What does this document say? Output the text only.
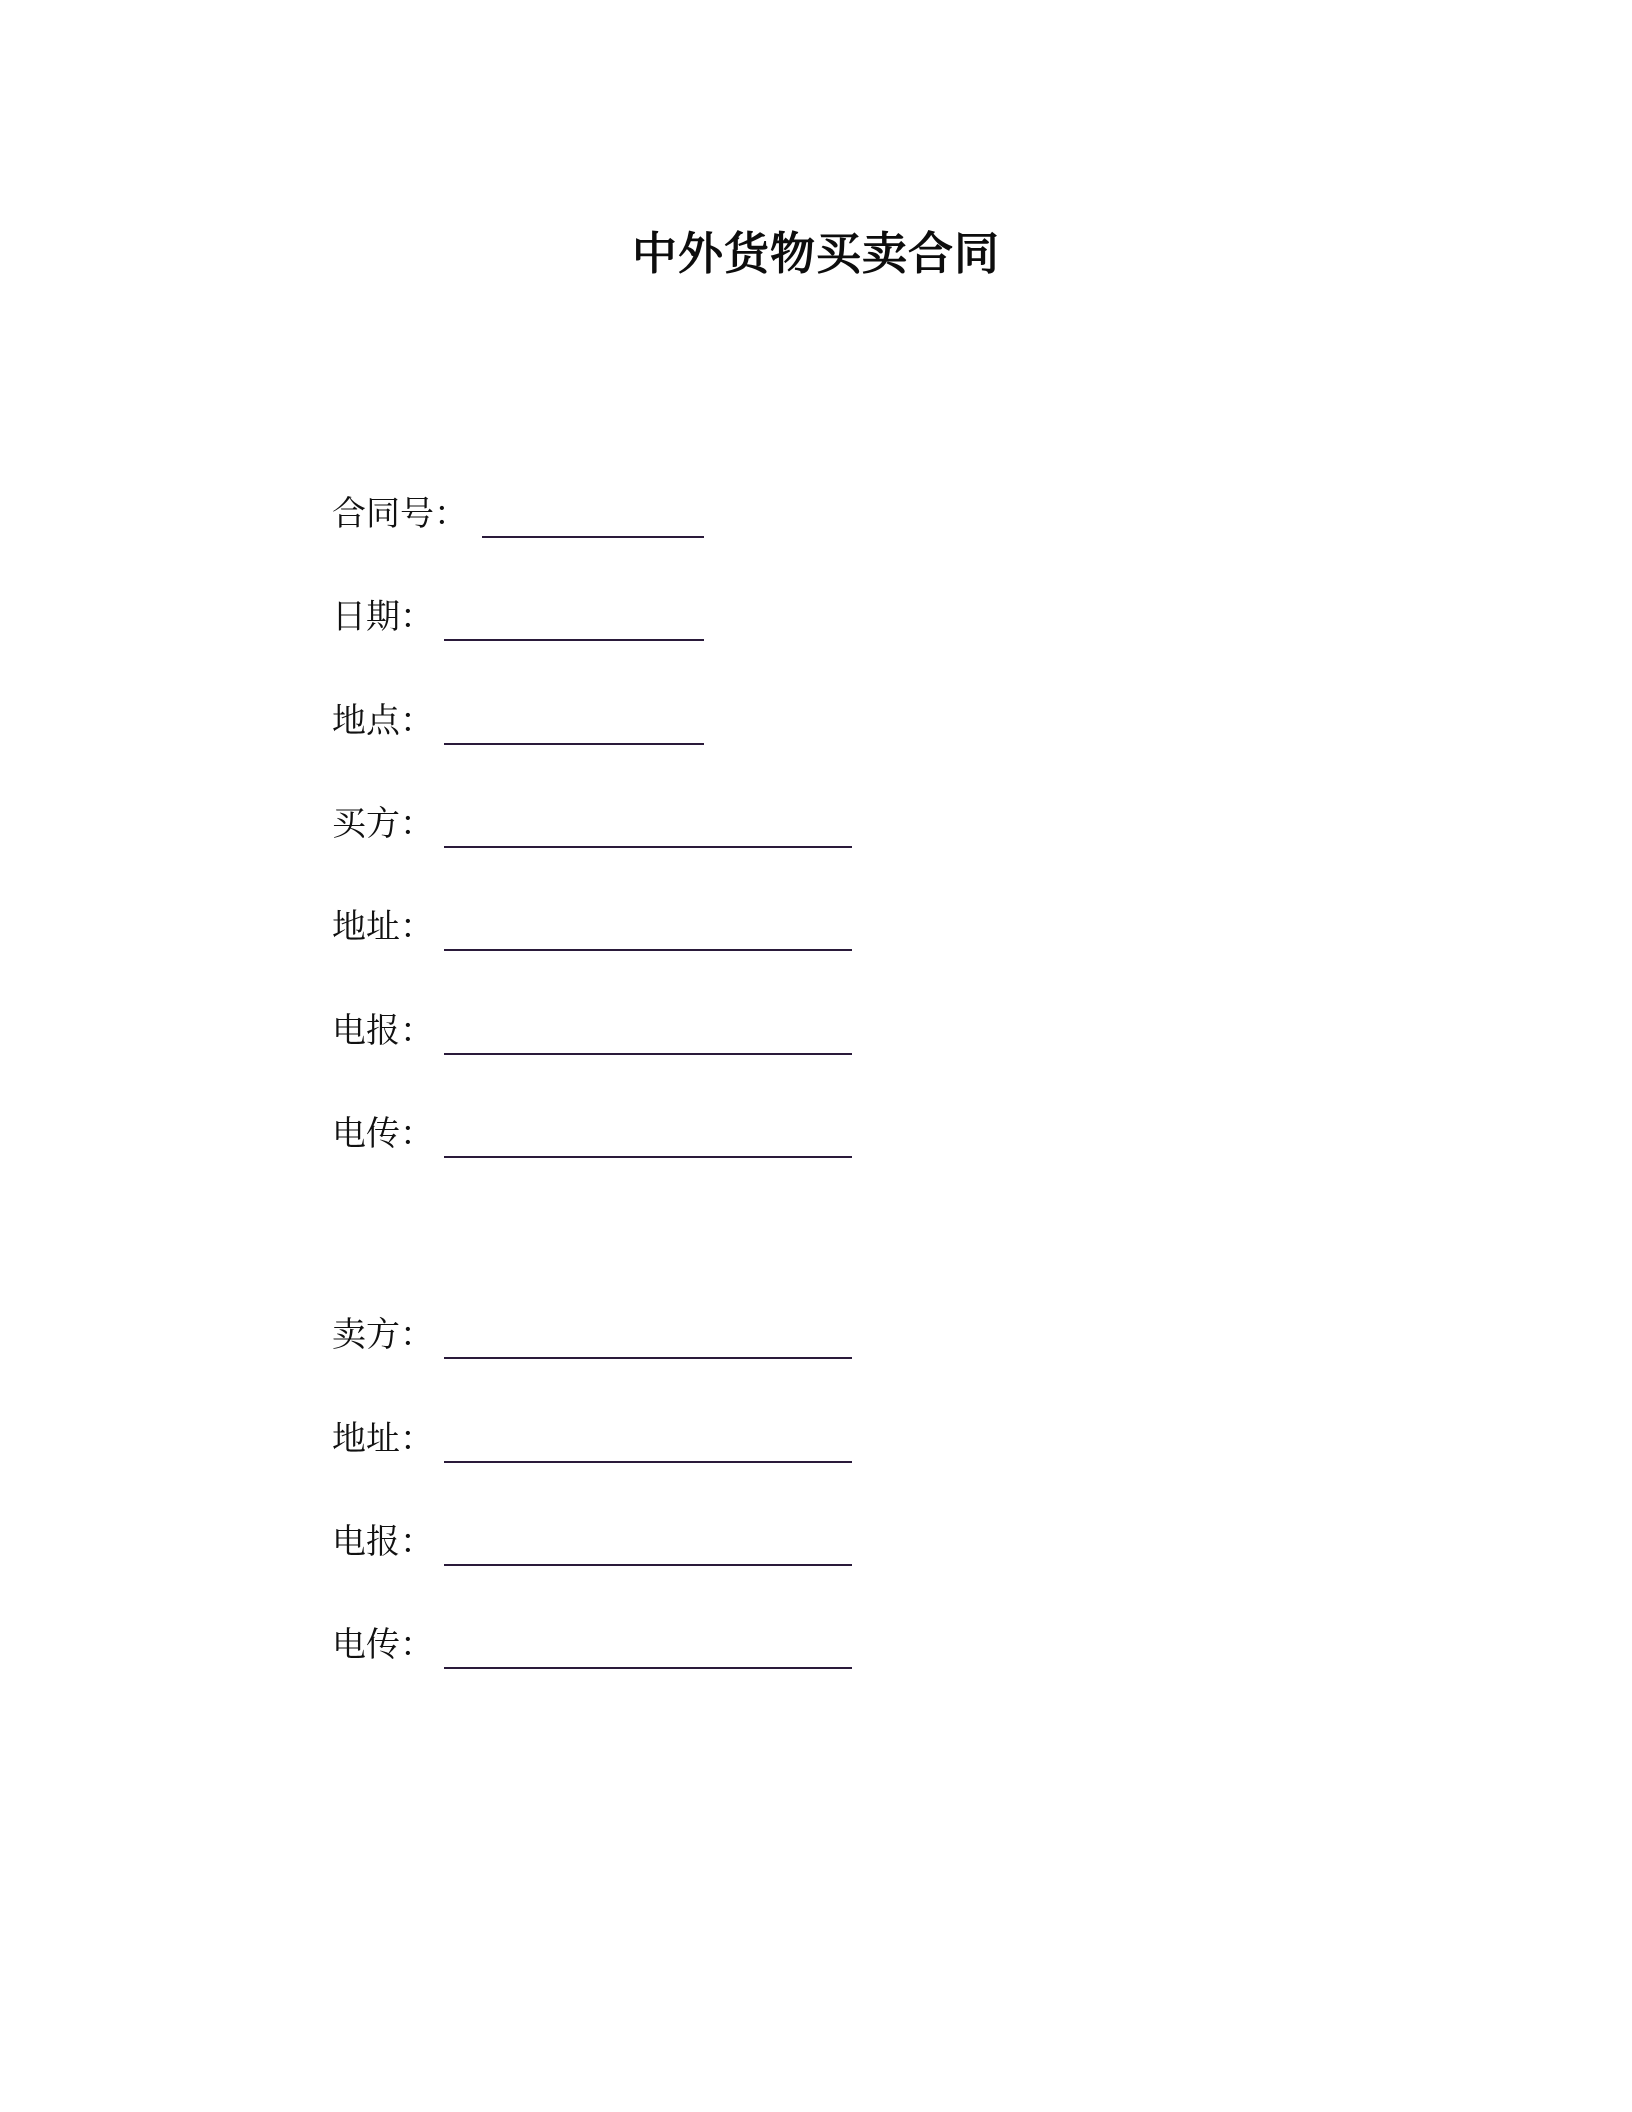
中外货物买卖合同
合同号：
日期：
地点：
买方：
地址：
电报：
电传：
卖方：
地址：
电报：
电传：
